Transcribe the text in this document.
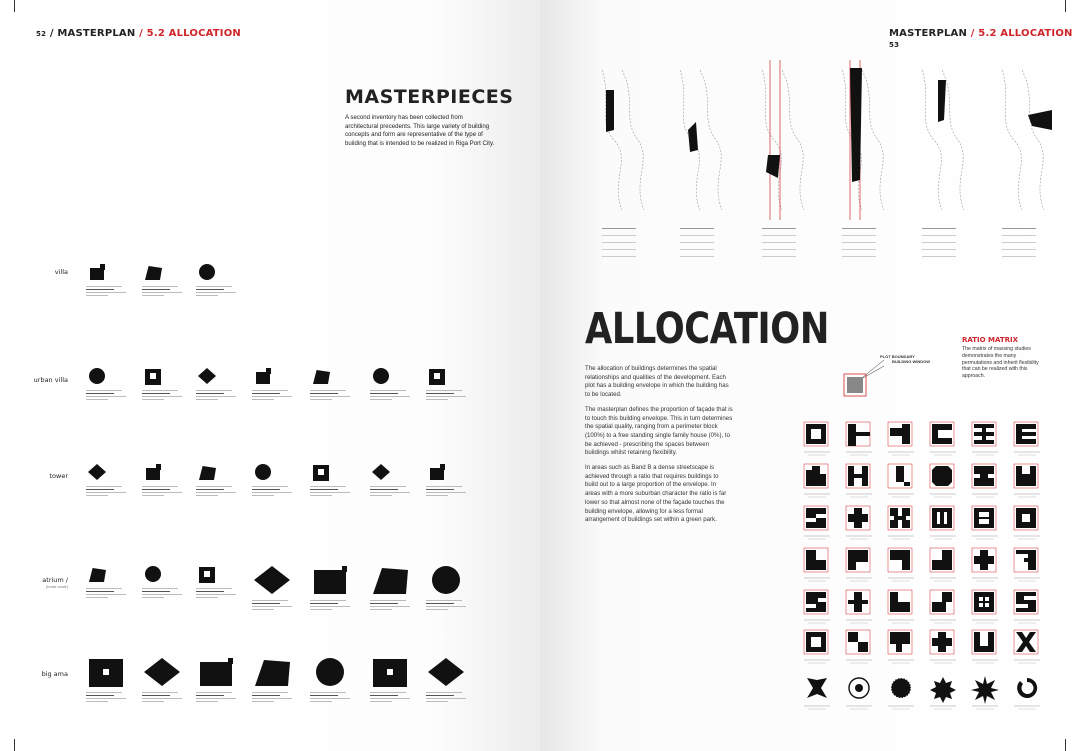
52 / MASTERPLAN / 5.2 ALLOCATION
MASTERPIECES
A second inventory has been collected from architectural precedents. This large variety of building concepts and form are representative of the type of building that is intended to be realized in Riga Port City.
villa
urban villa
tower
atrium /
(inner court)
big ama
MASTERPLAN / 5.2 ALLOCATION 53
ALLOCATION

The allocation of buildings determines the spatial relationships and qualities of the development. Each plot has a building envelope in which the building has to be located.

The masterplan defines the proportion of façade that is to touch this building envelope. This in turn determines the spatial quality, ranging from a perimeter block (100%) to a free standing single family house (0%), to be achieved - prescribing the spaces between buildings whilst retaining flexibility.

In areas such as Band B a dense streetscape is achieved through a ratio that requires buildings to build out to a large proportion of the envelope. In areas with a more suburban character the ratio is far lower so that almost none of the façade touches the building envelope, allowing for a less formal arrangement of buildings set within a green park.

PLOT BOUNDARY
BUILDING WINDOW
RATIO MATRIX
The matrix of massing studies demonstrates the many permutations and inherit flexibility that can be realized with this approach.
